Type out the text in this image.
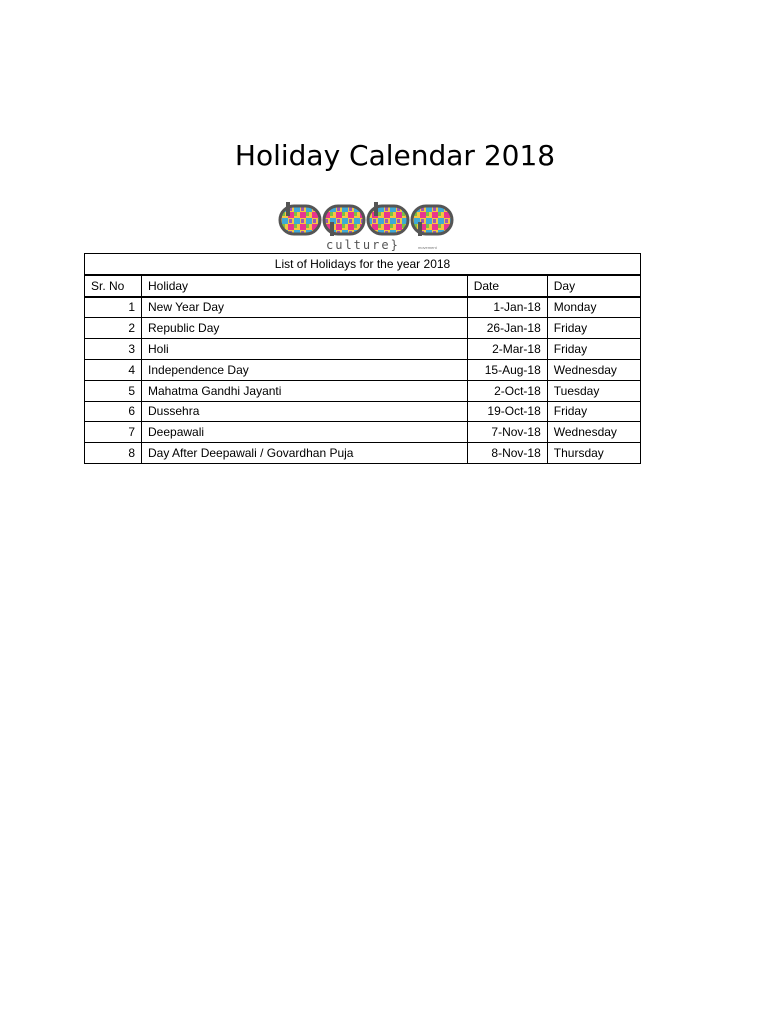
Holiday Calendar 2018
culture}	movement
List of Holidays for the year 2018			
Sr. No	Holiday	Date	Day
1	New Year Day	1-Jan-18	Monday
2	Republic Day	26-Jan-18	Friday
3	Holi	2-Mar-18	Friday
4	Independence Day	15-Aug-18	Wednesday
5	Mahatma Gandhi Jayanti	2-Oct-18	Tuesday
6	Dussehra	19-Oct-18	Friday
7	Deepawali	7-Nov-18	Wednesday
8	Day After Deepawali / Govardhan Puja	8-Nov-18	Thursday
